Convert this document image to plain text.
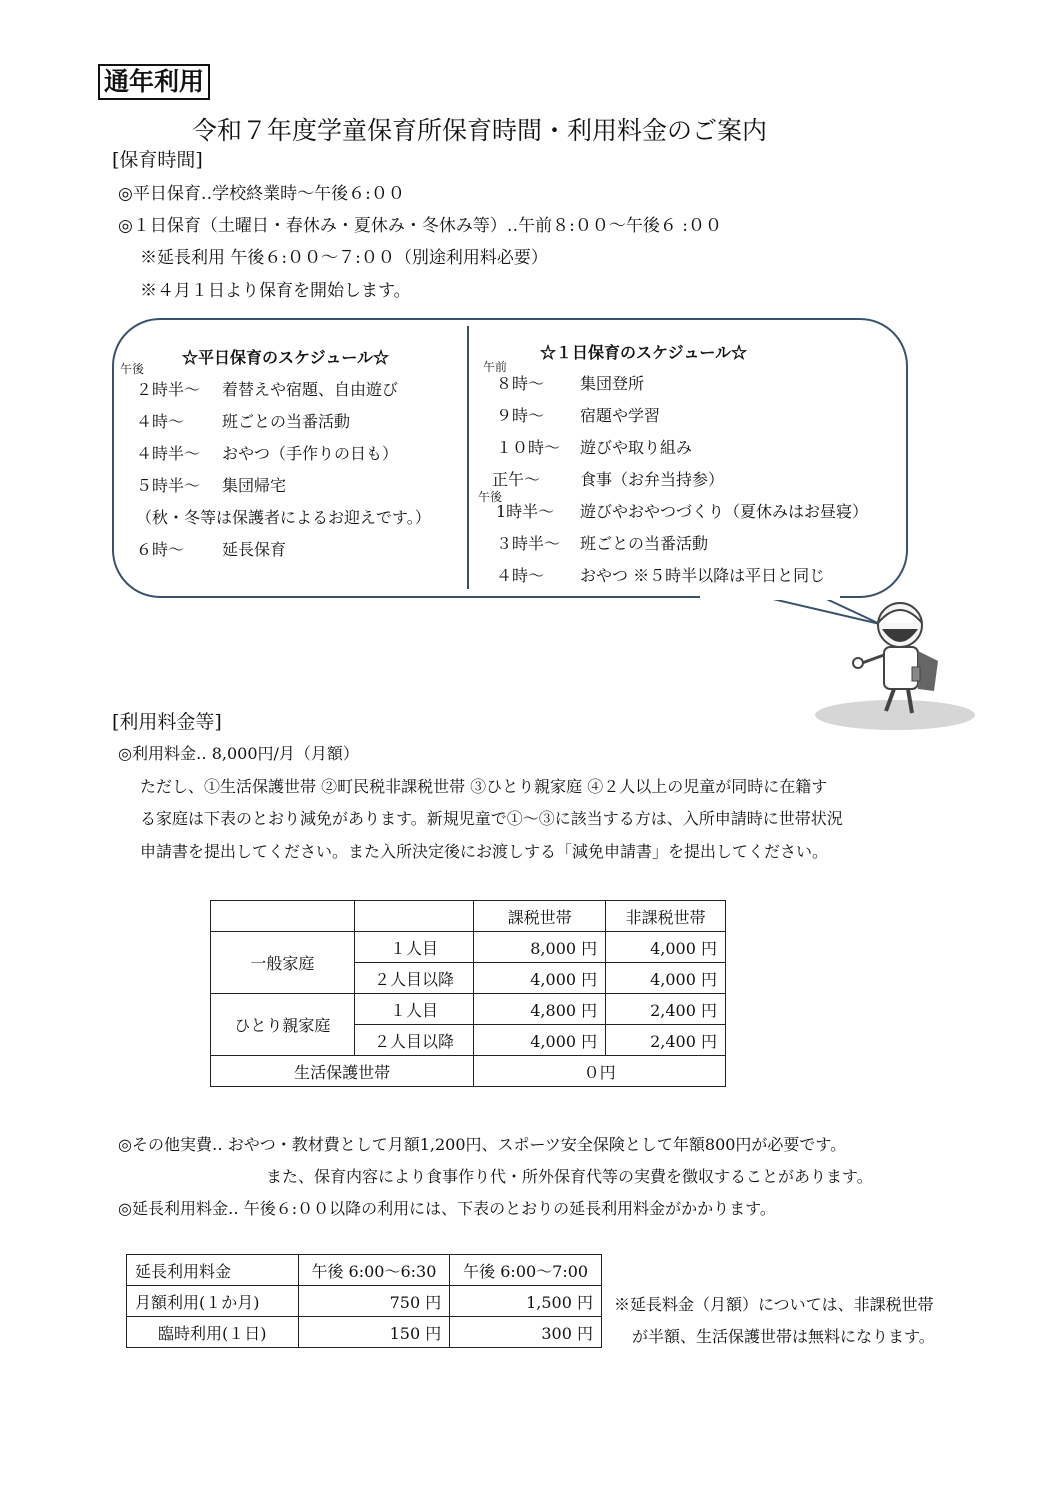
通年利用
令和７年度学童保育所保育時間・利用料金のご案内
[保育時間]
◎平日保育‥学校終業時～午後６:００
◎１日保育（土曜日・春休み・夏休み・冬休み等）‥午前８:００～午後６ :００
※延長利用 午後６:００～７:００（別途利用料必要）
※４月１日より保育を開始します。
☆平日保育のスケジュール☆
午後
２時半～ 着替えや宿題、自由遊び
４時～ 班ごとの当番活動
４時半～ おやつ（手作りの日も）
５時半～ 集団帰宅
（秋・冬等は保護者によるお迎えです。）
６時～ 延長保育
☆１日保育のスケジュール☆
午前
８時～ 集団登所
９時～ 宿題や学習
１０時～ 遊びや取り組み
正午～ 食事（お弁当持参）
午後
1時半～ 遊びやおやつづくり（夏休みはお昼寝）
３時半～ 班ごとの当番活動
４時～ おやつ ※５時半以降は平日と同じ
[利用料金等]
◎利用料金‥ 8,000円/月（月額）
ただし、①生活保護世帯 ②町民税非課税世帯 ③ひとり親家庭 ④２人以上の児童が同時に在籍す
る家庭は下表のとおり減免があります。新規児童で①～③に該当する方は、入所申請時に世帯状況
申請書を提出してください。また入所決定後にお渡しする「減免申請書」を提出してください。
		課税世帯	非課税世帯
一般家庭	１人目	8,000 円	4,000 円
	２人目以降	4,000 円	4,000 円
ひとり親家庭	１人目	4,800 円	2,400 円
	２人目以降	4,000 円	2,400 円
生活保護世帯		０円	
◎その他実費‥ おやつ・教材費として月額1,200円、スポーツ安全保険として年額800円が必要です。
また、保育内容により食事作り代・所外保育代等の実費を徴収することがあります。
◎延長利用料金‥ 午後６:００以降の利用には、下表のとおりの延長利用料金がかかります。
延長利用料金	午後 6:00～6:30	午後 6:00～7:00
月額利用(１か月)	750 円	1,500 円
臨時利用(１日)	150 円	300 円
※延長料金（月額）については、非課税世帯
が半額、生活保護世帯は無料になります。
